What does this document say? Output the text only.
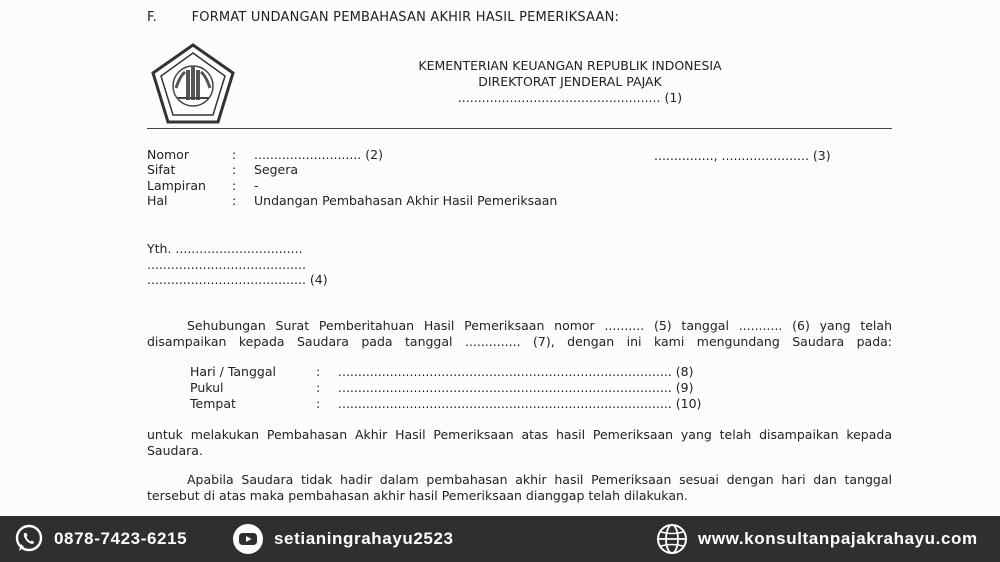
F.        FORMAT UNDANGAN PEMBAHASAN AKHIR HASIL PEMERIKSAAN:
KEMENTERIAN KEUANGAN REPUBLIK INDONESIA
DIREKTORAT JENDERAL PAJAK
................................................... (1)
..............., ...................... (3)
Nomor	: ........................... (2)
Sifat	: Segera
Lampiran : -
Hal	: Undangan Pembahasan Akhir Hasil Pemeriksaan
Yth. ................................
........................................
........................................ (4)
Sehubungan Surat Pemberitahuan Hasil Pemeriksaan nomor .......... (5) tanggal ........... (6) yang telah disampaikan kepada Saudara pada tanggal .............. (7), dengan ini kami mengundang Saudara pada:
Hari / Tanggal	: .................................................................................... (8)
Pukul	: .................................................................................... (9)
Tempat	: .................................................................................... (10)
untuk melakukan Pembahasan Akhir Hasil Pemeriksaan atas hasil Pemeriksaan yang telah disampaikan kepada Saudara.
Apabila Saudara tidak hadir dalam pembahasan akhir hasil Pemeriksaan sesuai dengan hari dan tanggal tersebut di atas maka pembahasan akhir hasil Pemeriksaan dianggap telah dilakukan.
0878-7423-6215	setianingrahayu2523	www.konsultanpajakrahayu.com
